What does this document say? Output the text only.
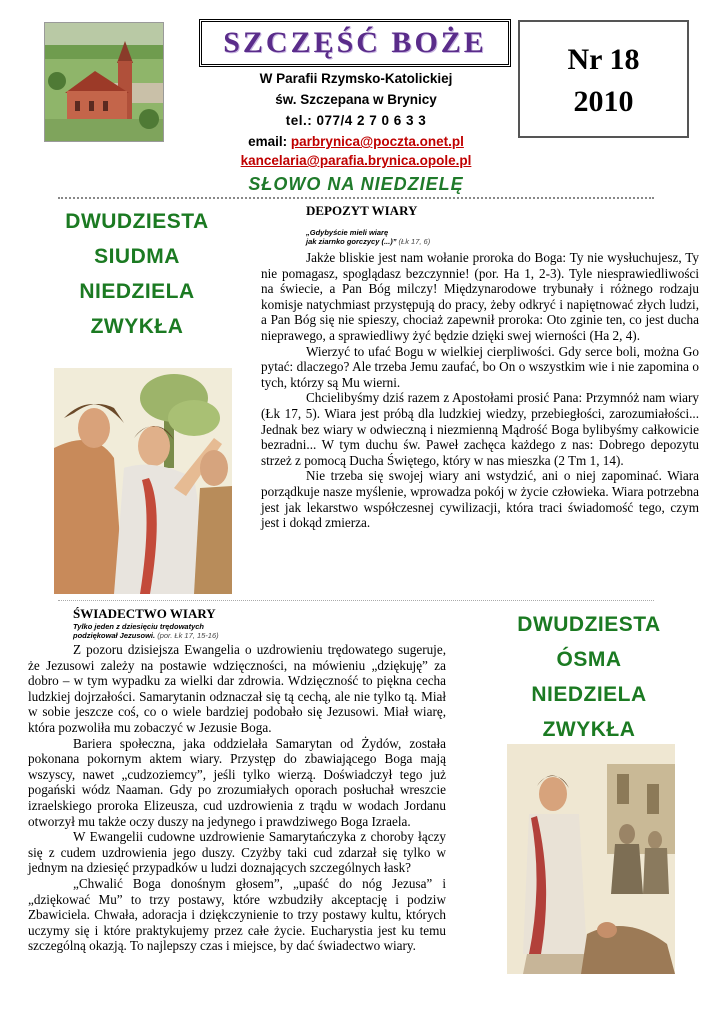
SZCZĘŚĆ BOŻE
Nr 18
2010
W Parafii Rzymsko-Katolickiej
św. Szczepana w Brynicy
tel.: 077/4 2 7 0 6 3 3
email: parbrynica@poczta.onet.pl
kancelaria@parafia.brynica.opole.pl
SŁOWO NA NIEDZIELĘ
DWUDZIESTA
SIUDMA
NIEDZIELA
ZWYKŁA
DEPOZYT WIARY
„Gdybyście mieli wiarę
jak ziarnko gorczycy (...)” (Łk 17, 6)

Jakże bliskie jest nam wołanie proroka do Boga: Ty nie wysłuchujesz, Ty nie pomagasz, spoglądasz bezczynnie! (por. Ha 1, 2-3). Tyle niesprawiedliwości na świecie, a Pan Bóg milczy! Międzynarodowe trybunały i różnego rodzaju komisje natychmiast przystępują do pracy, żeby odkryć i napiętnować złych ludzi, a Pan Bóg się nie spieszy, chociaż zapewnił proroka: Oto zginie ten, co jest ducha nieprawego, a sprawiedliwy żyć będzie dzięki swej wierności (Ha 2, 4).

Wierzyć to ufać Bogu w wielkiej cierpliwości. Gdy serce boli, można Go pytać: dlaczego? Ale trzeba Jemu zaufać, bo On o wszystkim wie i nie zapomina o tych, którzy są Mu wierni.

Chcielibyśmy dziś razem z Apostołami prosić Pana: Przymnóż nam wiary (Łk 17, 5). Wiara jest próbą dla ludzkiej wiedzy, przebiegłości, zarozumiałości... Jednak bez wiary w odwieczną i niezmienną Mądrość Boga bylibyśmy całkowicie bezradni... W tym duchu św. Paweł zachęca każdego z nas: Dobrego depozytu strzeż z pomocą Ducha Świętego, który w nas mieszka (2 Tm 1, 14).

Nie trzeba się swojej wiary ani wstydzić, ani o niej zapominać. Wiara porządkuje nasze myślenie, wprowadza pokój w życie człowieka. Wiara potrzebna jest jak lekarstwo współczesnej cywilizacji, która traci świadomość tego, czym jest i dokąd zmierza.

ŚWIADECTWO WIARY
Tylko jeden z dziesięciu trędowatych
podziękował Jezusowi. (por. Łk 17, 15-16)

Z pozoru dzisiejsza Ewangelia o uzdrowieniu trędowatego sugeruje, że Jezusowi zależy na postawie wdzięczności, na mówieniu „dziękuję” za dobro – w tym wypadku za wielki dar zdrowia. Wdzięczność to piękna cecha ludzkiej dojrzałości. Samarytanin odznaczał się tą cechą, ale nie tylko tą. Miał w sobie jeszcze coś, co o wiele bardziej podobało się Jezusowi. Miał wiarę, która pozwoliła mu zobaczyć w Jezusie Boga.

Bariera społeczna, jaka oddzielała Samarytan od Żydów, została pokonana pokornym aktem wiary. Przystęp do zbawiającego Boga mają wszyscy, nawet „cudzoziemcy”, jeśli tylko wierzą. Doświadczył tego już pogański wódz Naaman. Gdy po zrozumiałych oporach posłuchał wreszcie izraelskiego proroka Elizeusza, cud uzdrowienia z trądu w wodach Jordanu otworzył mu także oczy duszy na jedynego i prawdziwego Boga Izraela.

W Ewangelii cudowne uzdrowienie Samarytańczyka z choroby łączy się z cudem uzdrowienia jego duszy. Czyżby taki cud zdarzał się tylko w jednym na dziesięć przypadków u ludzi doznających szczególnych łask?

„Chwalić Boga donośnym głosem”, „upaść do nóg Jezusa” i „dziękować Mu” to trzy postawy, które wzbudziły akceptację i podziw Zbawiciela. Chwała, adoracja i dziękczynienie to trzy postawy kultu, których uczymy się i które praktykujemy przez całe życie. Eucharystia jest ku temu szczególną okazją. To najlepszy czas i miejsce, by dać świadectwo wiary.

DWUDZIESTA
ÓSMA
NIEDZIELA
ZWYKŁA
